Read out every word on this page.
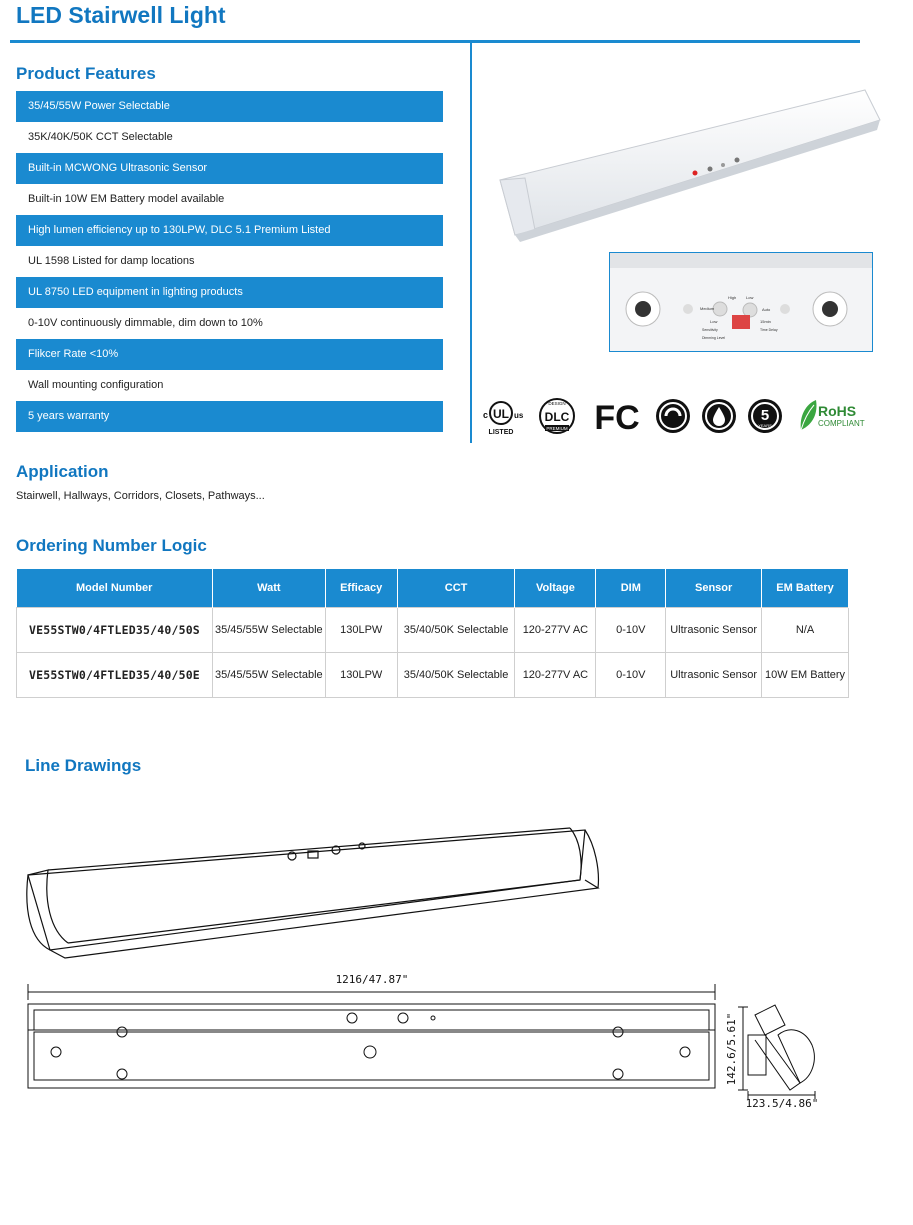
LED Stairwell Light
Product Features
35/45/55W Power Selectable
35K/40K/50K CCT Selectable
Built-in MCWONG Ultrasonic Sensor
Built-in 10W EM Battery model available
High lumen efficiency up to 130LPW, DLC 5.1 Premium Listed
UL 1598 Listed for damp locations
UL 8750 LED equipment in lighting products
0-10V continuously dimmable, dim down to 10%
Flikcer Rate <10%
Wall mounting configuration
5 years warranty
High Low
Medium
Low
Sensitivity	Time Delay
Dimming Level
Auto
15min
UL
c	us
LISTED
DESIGN
DLC
PREMIUM FC	5
YEARS
RoHS
COMPLIANT
Application
Stairwell, Hallways, Corridors, Closets, Pathways...
Ordering Number Logic
Model Number	Watt	Efficacy	CCT	Voltage	DIM	Sensor	EM Battery
VE55STW0/4FTLED35/40/50S	35/45/55W Selectable	130LPW	35/40/50K Selectable	120-277V AC	0-10V	Ultrasonic Sensor	N/A
VE55STW0/4FTLED35/40/50E	35/45/55W Selectable	130LPW	35/40/50K Selectable	120-277V AC	0-10V	Ultrasonic Sensor	10W EM Battery
Line Drawings
1216/47.87"
142.6/5.61"
123.5/4.86"
